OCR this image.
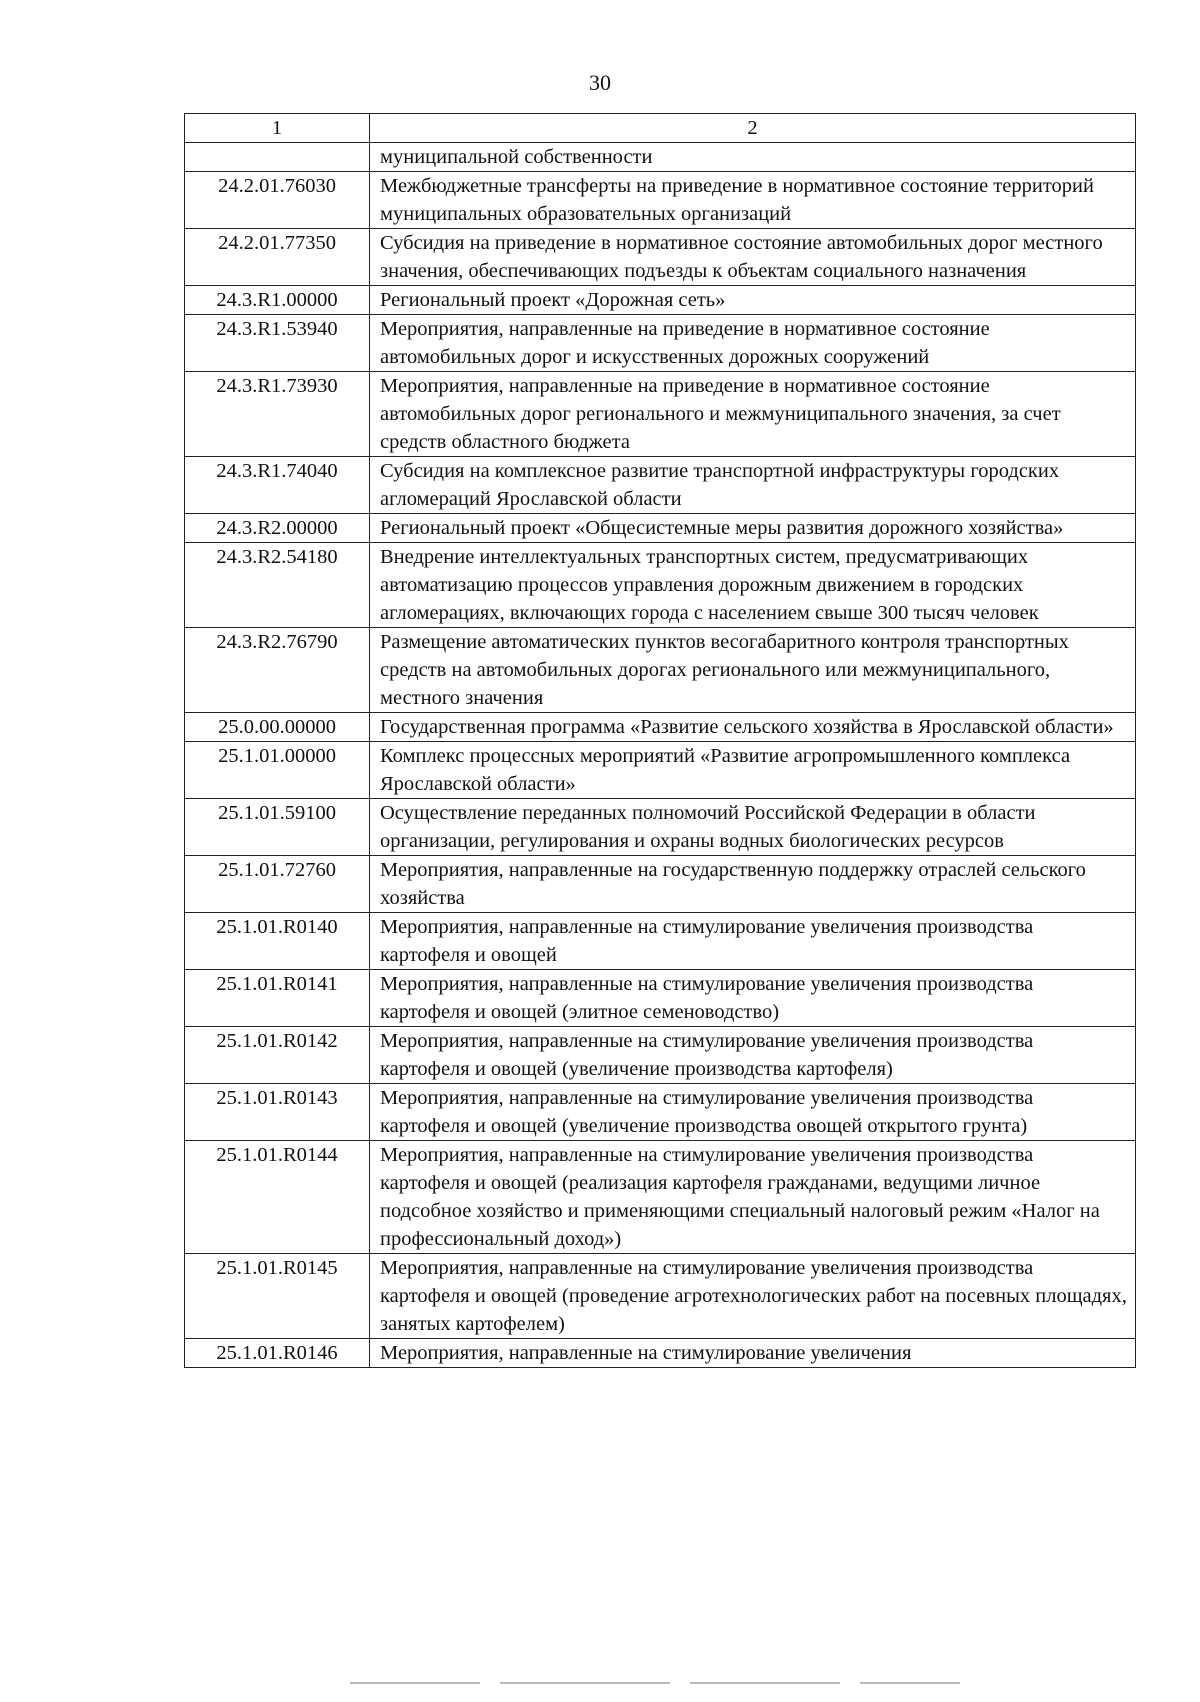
30
1	2
	муниципальной собственности
24.2.01.76030	Межбюджетные трансферты на приведение в нормативное состояние территорий муниципальных образовательных организаций
24.2.01.77350	Субсидия на приведение в нормативное состояние автомобильных дорог местного значения, обеспечивающих подъезды к объектам социального назначения
24.3.R1.00000	Региональный проект «Дорожная сеть»
24.3.R1.53940	Мероприятия, направленные на приведение в нормативное состояние автомобильных дорог и искусственных дорожных сооружений
24.3.R1.73930	Мероприятия, направленные на приведение в нормативное состояние автомобильных дорог регионального и межмуниципального значения, за счет средств областного бюджета
24.3.R1.74040	Субсидия на комплексное развитие транспортной инфраструктуры городских агломераций Ярославской области
24.3.R2.00000	Региональный проект «Общесистемные меры развития дорожного хозяйства»
24.3.R2.54180	Внедрение интеллектуальных транспортных систем, предусматривающих автоматизацию процессов управления дорожным движением в городских агломерациях, включающих города с населением свыше 300 тысяч человек
24.3.R2.76790	Размещение автоматических пунктов весогабаритного контроля транспортных средств на автомобильных дорогах регионального или межмуниципального, местного значения
25.0.00.00000	Государственная программа «Развитие сельского хозяйства в Ярославской области»
25.1.01.00000	Комплекс процессных мероприятий «Развитие агропромышленного комплекса Ярославской области»
25.1.01.59100	Осуществление переданных полномочий Российской Федерации в области организации, регулирования и охраны водных биологических ресурсов
25.1.01.72760	Мероприятия, направленные на государственную поддержку отраслей сельского хозяйства
25.1.01.R0140	Мероприятия, направленные на стимулирование увеличения производства картофеля и овощей
25.1.01.R0141	Мероприятия, направленные на стимулирование увеличения производства картофеля и овощей (элитное семеноводство)
25.1.01.R0142	Мероприятия, направленные на стимулирование увеличения производства картофеля и овощей (увеличение производства картофеля)
25.1.01.R0143	Мероприятия, направленные на стимулирование увеличения производства картофеля и овощей (увеличение производства овощей открытого грунта)
25.1.01.R0144	Мероприятия, направленные на стимулирование увеличения производства картофеля и овощей (реализация картофеля гражданами, ведущими личное подсобное хозяйство и применяющими специальный налоговый режим «Налог на профессиональный доход»)
25.1.01.R0145	Мероприятия, направленные на стимулирование увеличения производства картофеля и овощей (проведение агротехнологических работ на посевных площадях, занятых картофелем)
25.1.01.R0146	Мероприятия, направленные на стимулирование увеличения
